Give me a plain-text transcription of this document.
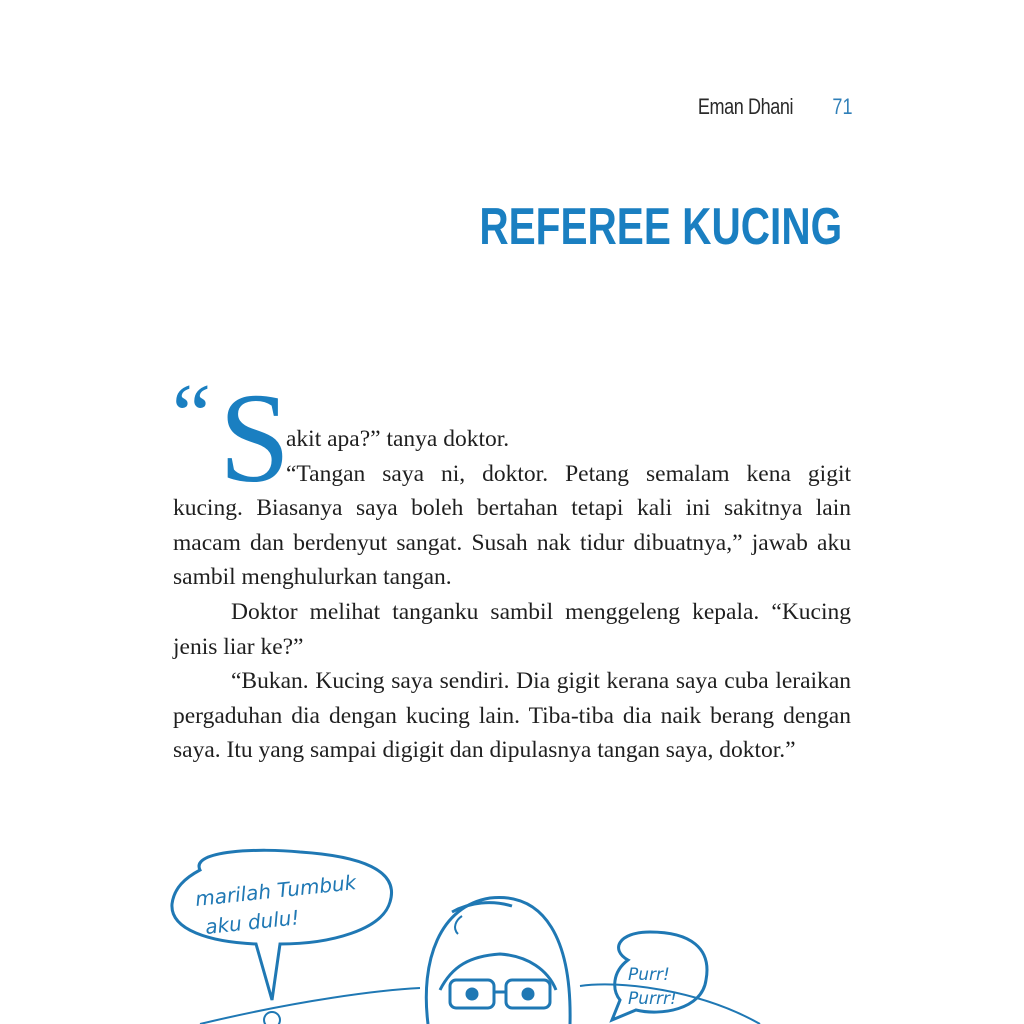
Eman Dhani 71
REFEREE KUCING
“ S

akit apa?” tanya doktor.

“Tangan saya ni, doktor. Petang semalam kena gigit

kucing. Biasanya saya boleh bertahan tetapi kali ini sakitnya lain macam dan berdenyut sangat. Susah nak tidur dibuatnya,” jawab aku sambil menghulurkan tangan.

Doktor melihat tanganku sambil menggeleng kepala. “Kucing jenis liar ke?”

“Bukan. Kucing saya sendiri. Dia gigit kerana saya cuba leraikan pergaduhan dia dengan kucing lain. Tiba-tiba dia naik berang dengan saya. Itu yang sampai digigit dan dipulasnya tangan saya, doktor.”

marilah Tumbuk
aku dulu!
Purr!
Purrr!
